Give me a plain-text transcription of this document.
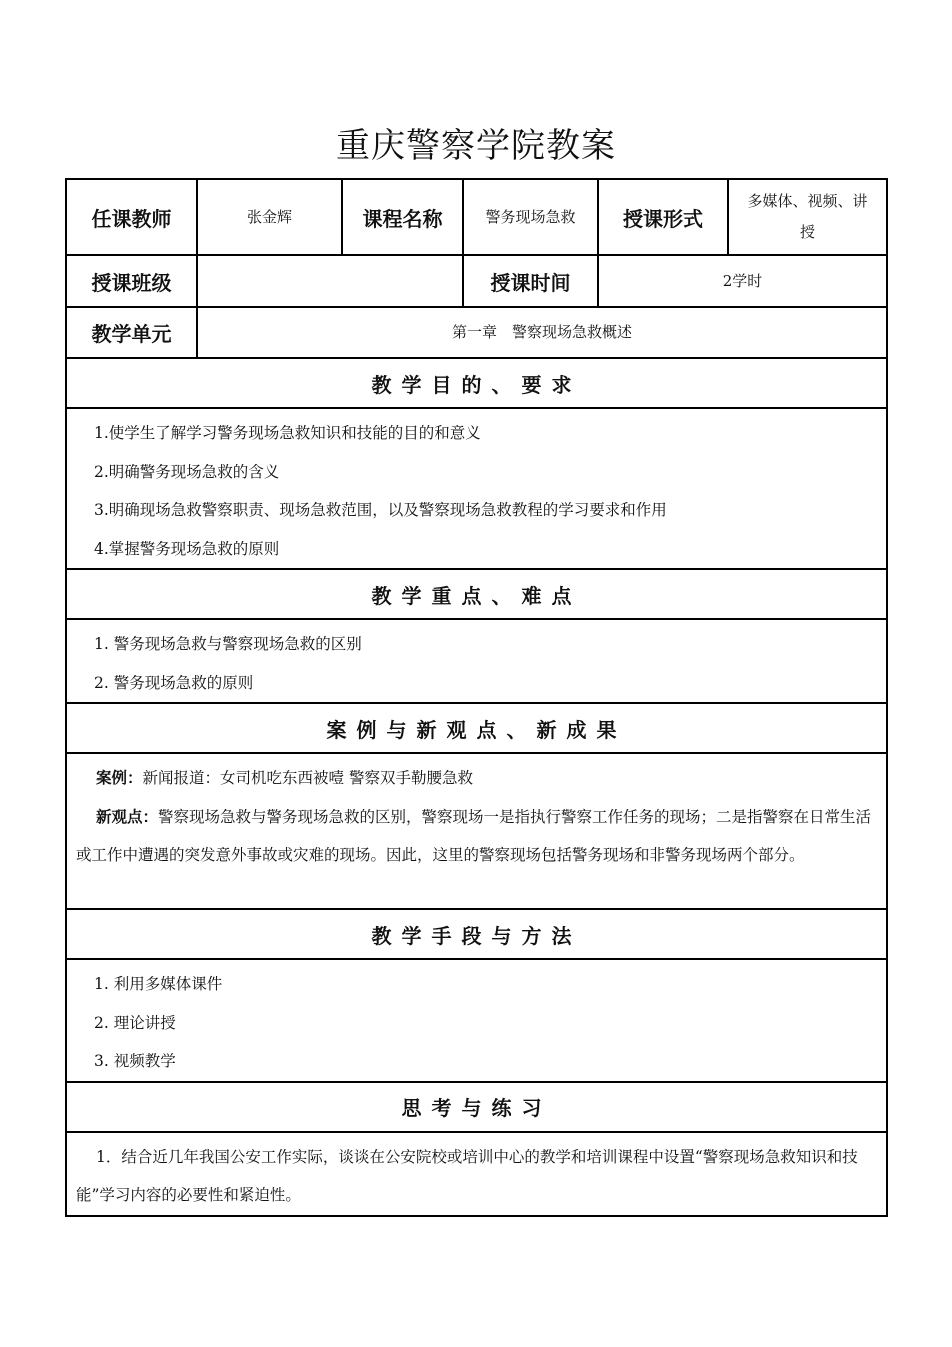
重庆警察学院教案
任课教师	张金辉	课程名称	警务现场急救	授课形式	多媒体、视频、讲授
授课班级			授课时间	2学时	
教学单元	第一章　警察现场急救概述				
教学目的、要求					

1.使学生了解学习警务现场急救知识和技能的目的和意义

2.明确警务现场急救的含义

3.明确现场急救警察职责、现场急救范围，以及警察现场急救教程的学习要求和作用

4.掌握警务现场急救的原则					

教学重点、难点					

1. 警务现场急救与警察现场急救的区别

2. 警务现场急救的原则					

案例与新观点、新成果					

案例：新闻报道：女司机吃东西被噎 警察双手勒腰急救

新观点：警察现场急救与警务现场急救的区别，警察现场一是指执行警察工作任务的现场；二是指警察在日常生活或工作中遭遇的突发意外事故或灾难的现场。因此，这里的警察现场包括警务现场和非警务现场两个部分。					

教学手段与方法					

1. 利用多媒体课件

2. 理论讲授

3. 视频教学					

思考与练习					

1．结合近几年我国公安工作实际，谈谈在公安院校或培训中心的教学和培训课程中设置“警察现场急救知识和技能”学习内容的必要性和紧迫性。					
